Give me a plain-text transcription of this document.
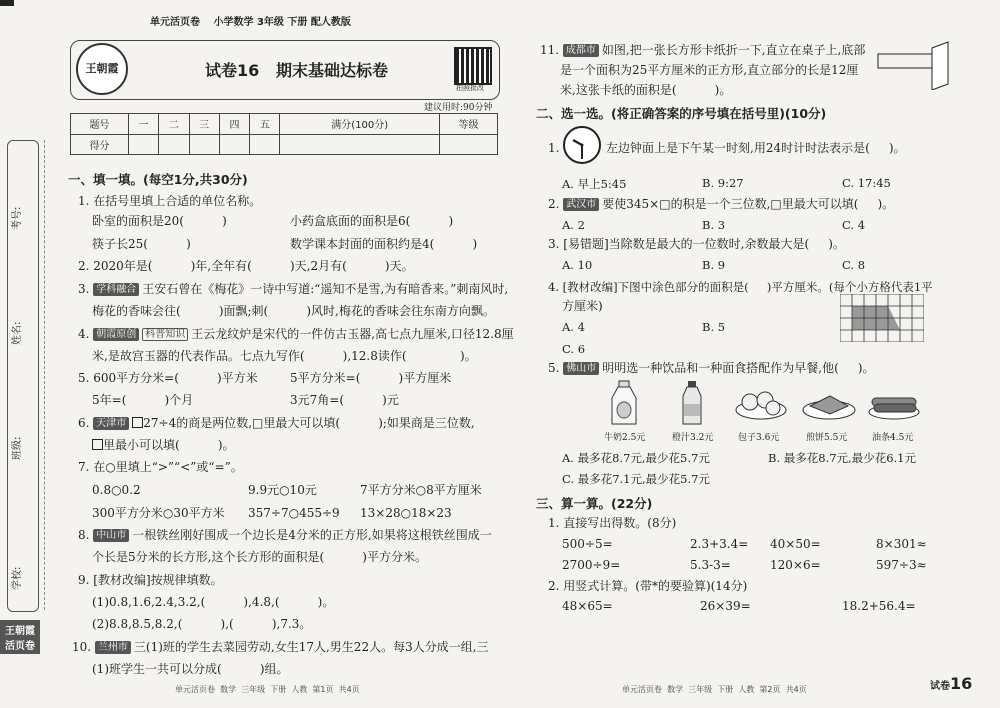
单元活页卷 小学数学 3年级 下册 配人教版
王朝霞	试卷16   期末基础达标卷
拍照批改
建议用时:90分钟
题号	一	二	三	四	五	满分(100分)	等级
得分							
考号:
姓名:
班级:
学校:
王朝霞
活页卷
一、填一填。(每空1分,共30分)
1. 在括号里填上合适的单位名称。
卧室的面积是20(          )	小药盒底面的面积是6(          )
筷子长25(          )	数学课本封面的面积约是4(          )
2. 2020年是(          )年,全年有(          )天,2月有(          )天。
3. 学科融合 王安石曾在《梅花》一诗中写道:“遥知不是雪,为有暗香来。”刺南风时,
梅花的香味会往(          )面飘;刺(          )风时,梅花的香味会往东南方向飘。
4. 朝霞原创 科普知识 王云龙纹炉是宋代的一件仿古玉器,高七点九厘米,口径12.8厘
米,是故宫玉器的代表作品。七点九写作(          ),12.8读作(              )。
5. 600平方分米=(          )平方米	5平方分米=(          )平方厘米
5年=(          )个月	3元7角=(          )元
6. 天津市 27÷4的商是两位数,□里最大可以填(          );如果商是三位数,
里最小可以填(          )。
7. 在○里填上“>”“<”或“=”。
0.8○0.2	9.9元○10元	7平方分米○8平方厘米
300平方分米○30平方米 357÷7○455÷9 13×28○18×23
8. 中山市 一根铁丝刚好围成一个边长是4分米的正方形,如果将这根铁丝围成一
个长是5分米的长方形,这个长方形的面积是(          )平方分米。
9. [教材改编]按规律填数。
(1)0.8,1.6,2.4,3.2,(          ),4.8,(          )。
(2)8.8,8.5,8.2,(          ),(          ),7.3。
10. 兰州市 三(1)班的学生去菜园劳动,女生17人,男生22人。每3人分成一组,三
(1)班学生一共可以分成(          )组。
单元活页卷  数学  三年级  下册  人教  第1页  共4页
11. 成都市 如图,把一张长方形卡纸折一下,直立在桌子上,底部
是一个面积为25平方厘米的正方形,直立部分的长是12厘
米,这张卡纸的面积是(          )。
二、选一选。(将正确答案的序号填在括号里)(10分)
1.	左边钟面上是下午某一时刻,用24时计时法表示是(     )。
A. 早上5:45	B. 9:27	C. 17:45
2. 武汉市 要使345×□的积是一个三位数,□里最大可以填(     )。
A. 2	B. 3	C. 4
3. [易错题]当除数是最大的一位数时,余数最大是(     )。
A. 10	B. 9	C. 8
4. [教材改编]下图中涂色部分的面积是(     )平方厘米。(每个小方格代表1平
方厘米)
A. 4	B. 5
C. 6
5. 佛山市 明明选一种饮品和一种面食搭配作为早餐,他(     )。
牛奶2.5元	橙汁3.2元	包子3.6元	煎饼5.5元	油条4.5元
A. 最多花8.7元,最少花5.7元	B. 最多花8.7元,最少花6.1元
C. 最多花7.1元,最少花5.7元
三、算一算。(22分)
1. 直接写出得数。(8分)
500÷5=	2.3+3.4= 40×50=	8×301≈
2700÷9=	5.3-3=	120×6=	597÷3≈
2. 用竖式计算。(带*的要验算)(14分)
48×65=	26×39=	18.2+56.4=
单元活页卷  数学  三年级  下册  人教  第2页  共4页	试卷16
